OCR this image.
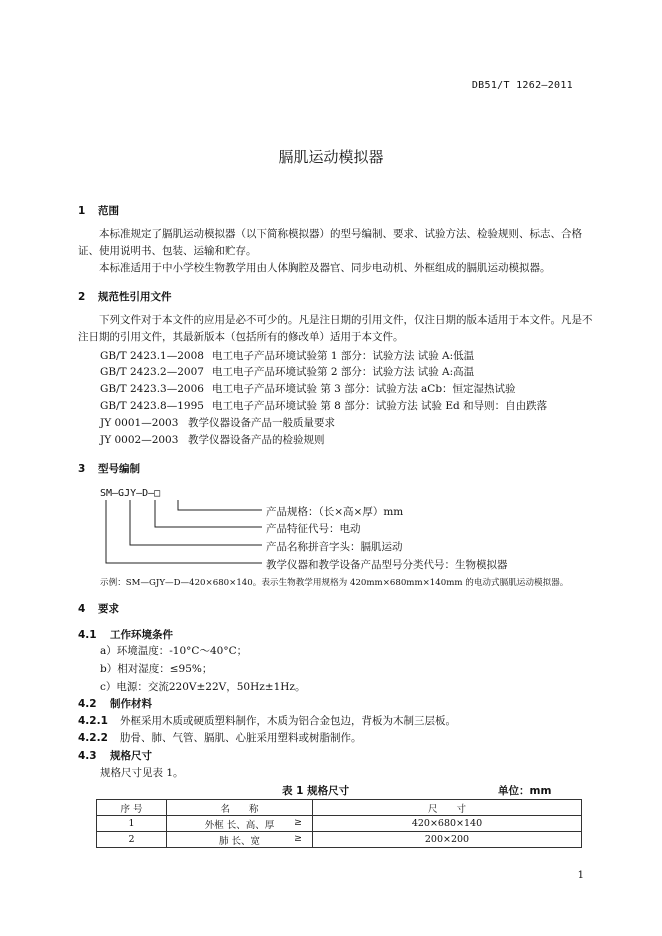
DB51/T 1262—2011
膈肌运动模拟器
1 范围
本标准规定了膈肌运动模拟器（以下简称模拟器）的型号编制、要求、试验方法、检验规则、标志、合格证、使用说明书、包装、运输和贮存。
本标准适用于中小学校生物教学用由人体胸腔及器官、同步电动机、外框组成的膈肌运动模拟器。
2 规范性引用文件
下列文件对于本文件的应用是必不可少的。凡是注日期的引用文件，仅注日期的版本适用于本文件。凡是不注日期的引用文件，其最新版本（包括所有的修改单）适用于本文件。
GB/T 2423.1—2008 电工电子产品环境试验第 1 部分：试验方法 试验 A:低温
GB/T 2423.2—2007 电工电子产品环境试验第 2 部分：试验方法 试验 A:高温
GB/T 2423.3—2006 电工电子产品环境试验 第 3 部分：试验方法 aCb：恒定湿热试验
GB/T 2423.8—1995 电工电子产品环境试验 第 8 部分：试验方法 试验 Ed 和导则：自由跌落
JY 0001—2003 教学仪器设备产品一般质量要求
JY 0002—2003 教学仪器设备产品的检验规则
3 型号编制
SM—GJY—D—□
产品规格：（长×高×厚）mm
产品特征代号：电动
产品名称拼音字头：膈肌运动
教学仪器和教学设备产品型号分类代号：生物模拟器
示例：SM—GJY—D—420×680×140。表示生物教学用规格为 420mm×680mm×140mm 的电动式膈肌运动模拟器。
4 要求
4.1 工作环境条件
a）环境温度：-10°C～40°C；
b）相对湿度：≤95%；
c）电源：交流220V±22V，50Hz±1Hz。
4.2 制作材料
4.2.1 外框采用木质或硬质塑料制作，木质为铝合金包边，背板为木制三层板。
4.2.2 肋骨、肺、气管、膈肌、心脏采用塑料或树脂制作。
4.3 规格尺寸
规格尺寸见表 1。
表 1 规格尺寸	单位：mm
序 号	名　　称	尺　　寸
1	外框 长、高、厚 ≥	420×680×140
2	肺 长、宽 ≥	200×200
1
